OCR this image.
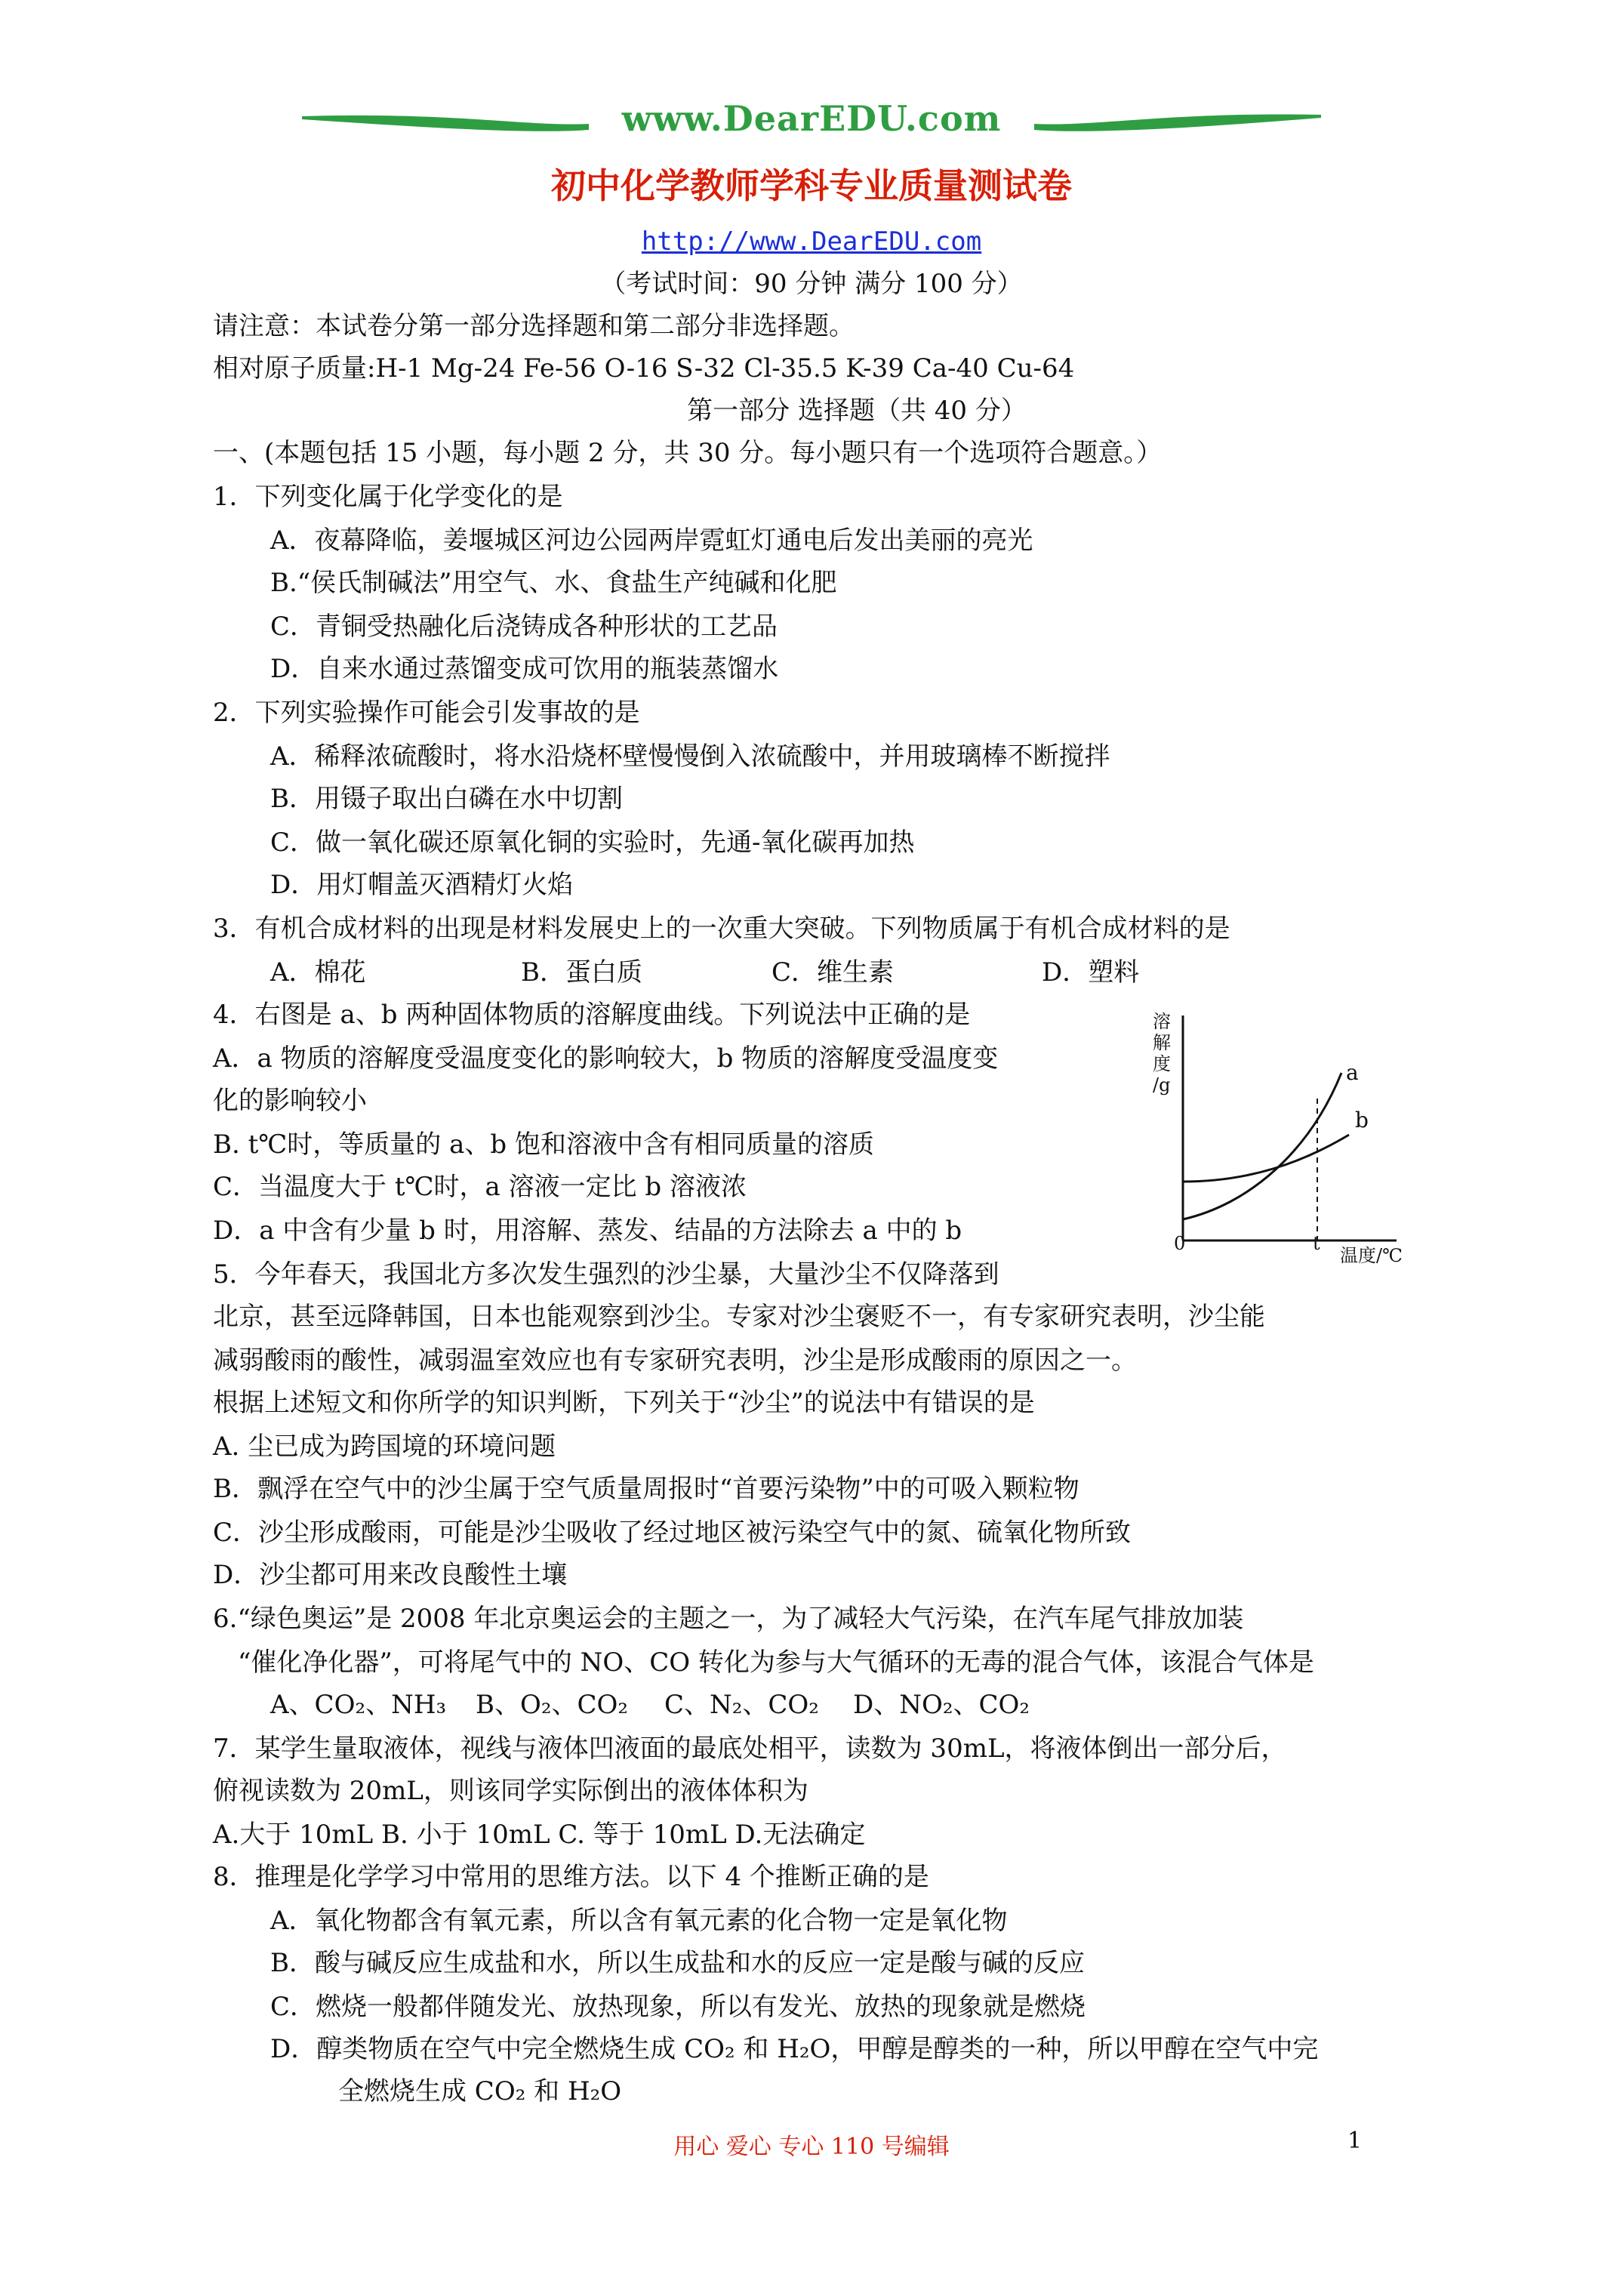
www.DearEDU.com
初中化学教师学科专业质量测试卷
http://www.DearEDU.com
（考试时间：90 分钟 满分 100 分）
请注意：本试卷分第一部分选择题和第二部分非选择题。
相对原子质量:H-1 Mg-24 Fe-56 O-16 S-32 Cl-35.5 K-39 Ca-40 Cu-64
第一部分 选择题（共 40 分）
一、(本题包括 15 小题，每小题 2 分，共 30 分。每小题只有一个选项符合题意。）
1．下列变化属于化学变化的是
A．夜幕降临，姜堰城区河边公园两岸霓虹灯通电后发出美丽的亮光
B.“侯氏制碱法”用空气、水、食盐生产纯碱和化肥
C．青铜受热融化后浇铸成各种形状的工艺品
D．自来水通过蒸馏变成可饮用的瓶装蒸馏水
2．下列实验操作可能会引发事故的是
A．稀释浓硫酸时，将水沿烧杯壁慢慢倒入浓硫酸中，并用玻璃棒不断搅拌
B．用镊子取出白磷在水中切割
C．做一氧化碳还原氧化铜的实验时，先通-氧化碳再加热
D．用灯帽盖灭酒精灯火焰
3．有机合成材料的出现是材料发展史上的一次重大突破。下列物质属于有机合成材料的是
A．棉花	B．蛋白质	C．维生素	D．塑料
4．右图是 a、b 两种固体物质的溶解度曲线。下列说法中正确的是
A．a 物质的溶解度受温度变化的影响较大，b 物质的溶解度受温度变
化的影响较小
B. t℃时，等质量的 a、b 饱和溶液中含有相同质量的溶质
C．当温度大于 t℃时，a 溶液一定比 b 溶液浓
D．a 中含有少量 b 时，用溶解、蒸发、结晶的方法除去 a 中的 b
溶
解
度
/g
0	t
温度/℃
a
b
5．今年春天，我国北方多次发生强烈的沙尘暴，大量沙尘不仅降落到
北京，甚至远降韩国，日本也能观察到沙尘。专家对沙尘褒贬不一，有专家研究表明，沙尘能
减弱酸雨的酸性，减弱温室效应也有专家研究表明，沙尘是形成酸雨的原因之一。
根据上述短文和你所学的知识判断，下列关于“沙尘”的说法中有错误的是
A. 尘已成为跨国境的环境问题
B．飘浮在空气中的沙尘属于空气质量周报时“首要污染物”中的可吸入颗粒物
C．沙尘形成酸雨，可能是沙尘吸收了经过地区被污染空气中的氮、硫氧化物所致
D．沙尘都可用来改良酸性土壤
6.“绿色奥运”是 2008 年北京奥运会的主题之一，为了减轻大气污染，在汽车尾气排放加装
“催化净化器”，可将尾气中的 NO、CO 转化为参与大气循环的无毒的混合气体，该混合气体是
A、CO₂、NH₃ B、O₂、CO₂ C、N₂、CO₂ D、NO₂、CO₂
7．某学生量取液体，视线与液体凹液面的最底处相平，读数为 30mL，将液体倒出一部分后，
俯视读数为 20mL，则该同学实际倒出的液体体积为
A.大于 10mL B. 小于 10mL C. 等于 10mL D.无法确定
8．推理是化学学习中常用的思维方法。以下 4 个推断正确的是
A．氧化物都含有氧元素，所以含有氧元素的化合物一定是氧化物
B．酸与碱反应生成盐和水，所以生成盐和水的反应一定是酸与碱的反应
C．燃烧一般都伴随发光、放热现象，所以有发光、放热的现象就是燃烧
D．醇类物质在空气中完全燃烧生成 CO₂ 和 H₂O，甲醇是醇类的一种，所以甲醇在空气中完
全燃烧生成 CO₂ 和 H₂O
用心 爱心 专心 110 号编辑	1
